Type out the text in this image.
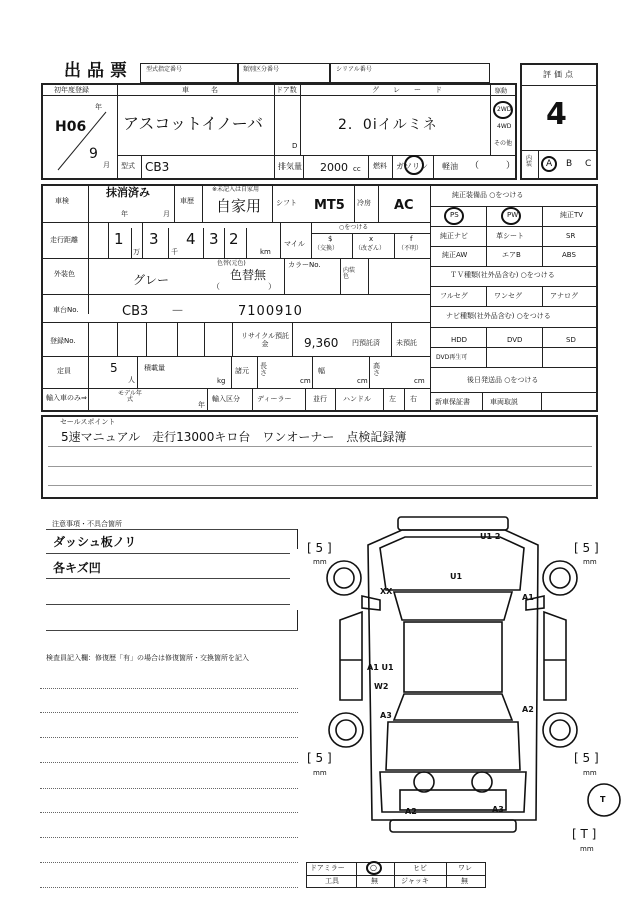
出品票 型式指定番号	類別区分番号	シリアル番号
評価点
4
内装 A B C
初年度登録
H06
年
9
月
車名
アスコットイノーバ
ドア数
D
グレード
2．0iイルミネ
駆動
2WD
4WD
その他
型式 CB3	排気量 2000 cc 燃料 ガソリン 軽油 （	）
車検
抹消済み
年	月
車歴
※未記入は自家用
自家用 シフト MT5 冷房 AC
純正装備品 ○をつける
PS	PW	純正TV
純正ナビ	革シート	SR
純正AW	エアB	ABS
走行距離 1
万
3
千
4 3 2
km
マイル
○をつける
$
（交換）
x
（改ざん）
f
（不明）
外装色	グレー
色替(元色)
色替無
（	）
カラーNo.
内装色	ＴＶ種類(社外品含む) ○をつける
フルセグ	ワンセグ	アナログ
ナビ種類(社外品含む) ○をつける
HDD	DVD	SD
DVD再生可
車台No.	CB3 －	7100910
登録No.
リサイクル預託金	9,360 円預託済 未預託
定員	5
人
積載量
kg
諸元
長さ
cm
幅
cm
高さ
cm	後日発送品 ○をつける
新車保証書	車両取説
輸入車のみ⇒
モデル年式
年
輸入区分 ディーラー	並行 ハンドル	左 右
セールスポイント
5速マニュアル　走行13000キロ台　ワンオーナー　点検記録簿
注意事項・不具合箇所
ダッシュ板ノリ
各キズ凹
検査員記入欄：修復歴「有」の場合は修復箇所・交換箇所を記入
[ 5 ]
mm
[ 5 ]
mm
[ 5 ]
mm
[ 5 ]
mm
[ T ]
mm
U1 2
U1
XX
A1
A1 U1
W2
A3
A2
A2	A3
T
ドアミラー	○	ヒビ	ワレ
工具	無	ジャッキ	無
